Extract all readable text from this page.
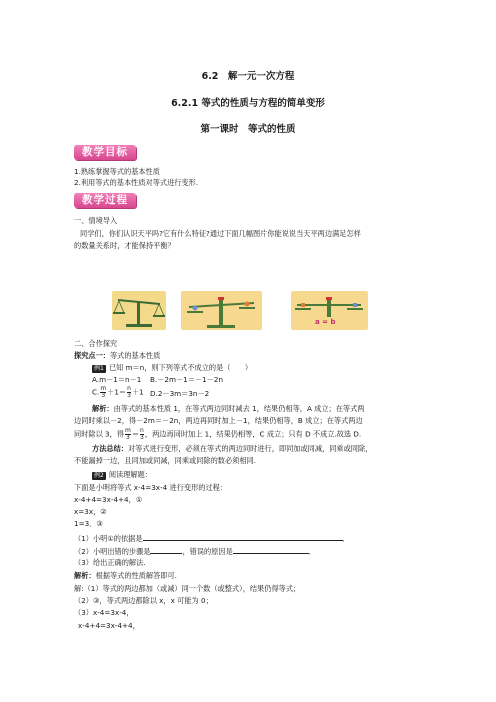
6.2　解一元一次方程
6.2.1 等式的性质与方程的简单变形
第一课时　等式的性质
教学目标
1.熟练掌握等式的基本性质
2.利用等式的基本性质对等式进行变形.
教学过程
一、情境导入
同学们，你们认识天平吗?它有什么特征?通过下面几幅图片你能说说当天平两边满足怎样
的数量关系时，才能保持平衡？
a = b
二、合作探究
探究点一：等式的基本性质
例1 已知 m＝n，则下列等式不成立的是（　　）
A.m－1＝n－1 B.－2m－1＝－1－2n
C. $\frac{m}{3} +1= \frac{n}{3} +1$ D.2－3m＝3n－2
解析：由等式的基本性质 1，在等式两边同时减去 1，结果仍相等，A 成立；在等式两
边同时乘以－2，得－2m＝－2n，两边再同时加上－1，结果仍相等，B 成立；在等式两边
同时除以 3，得 $\frac{m}{3} = \frac{n}{3}$ ，两边再同时加上 1，结果仍相等，C 成立；只有 D 不成立.故选 D.
方法总结：对等式进行变形，必须在等式的两边同时进行，即同加或同减，同乘或同除，
不能漏掉一边，且同加或同减，同乘或同除的数必须相同.
例2 阅读理解题：
下面是小明将等式 x-4=3x-4 进行变形的过程：
x-4+4=3x-4+4，①
x=3x，②
1=3．③
（1）小明①的依据是	．
（2）小明出错的步骤是	，错误的原因是	．
（3）给出正确的解法.
解析：根据等式的性质解答即可.
解:（1）等式的两边都加（或减）同一个数（或整式），结果仍得等式；
（2）③，等式两边都除以 x，x 可能为 0；
（3）x-4=3x-4，
x-4+4=3x-4+4，
